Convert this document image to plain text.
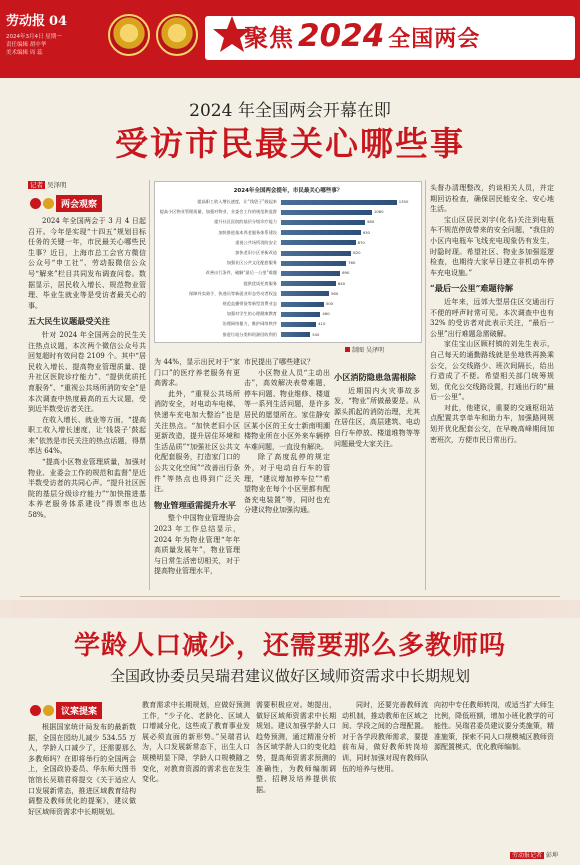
劳动报 04
2024年3月4日 星期一
责任编辑 胡中华
美术编辑 周 蕊
聚焦 2024 全国两会
2024 年全国两会开幕在即
受访市民最关心哪些事
记者 吴泽明
两会观察

2024 年全国两会于 3 月 4 日起召开。今年是实现“十四五”规划目标任务的关键一年，市民最关心哪些民生事？近日，上海市总工会官方微信公众号“申工社”、劳动报微信公众号“解来”栏目共同发布调查问卷。数据显示，居民收入增长、规范物业管理、毕业生就业等是受访者最关心的事。

五大民生议题最受关注

针对 2024 年全国两会的民生关注热点议题，本次两个微信公众号共回复超时有效问卷 2109 个。其中“居民收入增长、提高物业管理质量、提升社区医院诊疗能力”、“提供优质托育服务”、“重视公共场所消防安全”是本次调查中热度最高的五大议题，受到近半数受访者关注。

在收入增长、就业等方面，“提高职工收入增长速度，让‘钱袋子’鼓起来”依然是市民关注的热点话题，得票率达 64%。

“提高小区物业管理质量，加强对物业、业委会工作的规范和监督”是近半数受访者的共同心声。“提升社区医院的基层分级诊疗能力”“加快推进基本养老服务体系建设”得票率也达 58%。

2024年全国两会提年，市民最关心哪些事？
提高职工收入增长速度，让“钱袋子”鼓起来	1350
提高小区物业管理质量，加强对物业、业委会工作的规范和监督	1060
提升社区医院的基层分级诊疗能力	980
加快推进基本养老服务体系建设	930
重视公共场所消防安全	870
加快老旧小区更新改造	820
加强社区公共文化配套服务	760
改善出行条件，破解“最后一公里”难题	690
提供优质托育服务	640
保障外卖骑手、快递员等新就业形态劳动者权益	560
规范直播带货等新型消费业态	500
加强对学生的心理健康教育	460
治理网络暴力，维护网络秩序	410
推进垃圾分类和资源回收利用	340
制图 吴泽明

为 44%，显示出民对于“家门口”的医疗养老服务有更高需求。

此外，“重视公共场所消防安全，对电动车电梯、快递车充电加大整治”也是关注热点。“加快老旧小区更新改造，提升居住环境和生活品质”“加强社区公共文化配套服务，打造家门口的公共文化空间”“改善出行条件”等热点也得到广泛关注。

物业管理亟需提升水平

整个中国物业管理协会 2023 年工作总结显示，2024 年为物业管理“年年高质量发展年”，物业管理与日常生活密切相关，对于提高物业管理水平，

市民提出了哪些建议？

小区物业人员“主动出击”，高效解决表带难题，停车问题、物业维修、楼道等一系列生活问题，是许多居民的愿望所在。家住静安区某小区的王女士新南明潮楼物业所在小区外来车辆停车难问题，一直没有解决。

除了高度乱停的规定外，对于电动自行车的管理，“建议增加停车位”“希望物业在每个小区里都有配备充电装置”等，同时也充分建议物业加强沟通。

小区消防隐患急需根除

近期国内火灾事故多发，“物业”所做最要是。从源头抓起的消防治理，尤其在居住区，高层建筑、电动自行车停放、楼道堆物等等问题最受大家关注。

头督办清理整改，约谈相关人员，并定期回访检查，确保居民能安全、安心地生活。

宝山区居民刘宇(化名)关注到电瓶车不规范停放带来的安全问题，“我住的小区内电瓶车飞线充电现象仍有发生，时隐时现。希望社区、物业多加强巡逻检查，也期待大家早日建立非机动车停车充电设施。”

“最后一公里”难题待解

近年来，远郊大型居住区交通出行不便的呼声时常可见。本次调查中也有 32% 的受访者对此表示关注，“最后一公里”出行难题急需破解。

家住宝山区顾村镇的刘先生表示，自己每天的通勤路线就是坐地铁再换乘公交，公交线路少、班次间隔长，给出行造成了不便。希望相关部门统筹规划，优化公交线路设置，打通出行的“最后一公里”。

对此，他建议，重要的交通枢纽站点配置共享单车和助力车，加强路网规划并优化配套公交，在早晚高峰期间加密班次，方便市民日常出行。

学龄人口减少，还需要那么多教师吗
全国政协委员吴瑞君建议做好区域师资需求中长期规划
议案提案

根据国家统计局发布的最新数据，全国在园幼儿减少 534.55 万人，学龄人口减少了，还需要那么多教师吗？在即将举行的全国两会上，全国政协委员、华东师大图书馆馆长吴瑞君将提交《关于适应人口发展新常态，推进区域教育结构调整及教师优化的提案》，建议做好区域师资需求中长期规划。

教育需求中长期规划，应做好预测工作，“少子化、老龄化、区域人口增减分化，这些成了教育事业发展必须直面的新形势。”吴瑞君认为，人口发展新常态下，出生人口规模明显下降，学龄人口规模随之变化，对教育资源的需求也在发生变化。

需要积极应对。她提出，做好区域师资需求中长期规划。建议加强学龄人口趋势预测，通过精准分析各区域学龄人口的变化趋势，提高师资需求预测的准确性，为教师编制调整、招聘及培养提供依据。

同时，还要完善教师流动机制，推动教师在区域之间、学段之间的合理配置。对于各学段教师需求，要提前布局，做好教师转岗培训，同时加强对现有教师队伍的培养与使用。

向初中专任教师转岗，或适当扩大师生比例，降低班额，增加小班化教学的可能性。吴瑞君委员建议要分类施策，精准施策，探索不同人口规模城区教师资源配置模式，优化教师编制。

劳动报记者 彭坤
